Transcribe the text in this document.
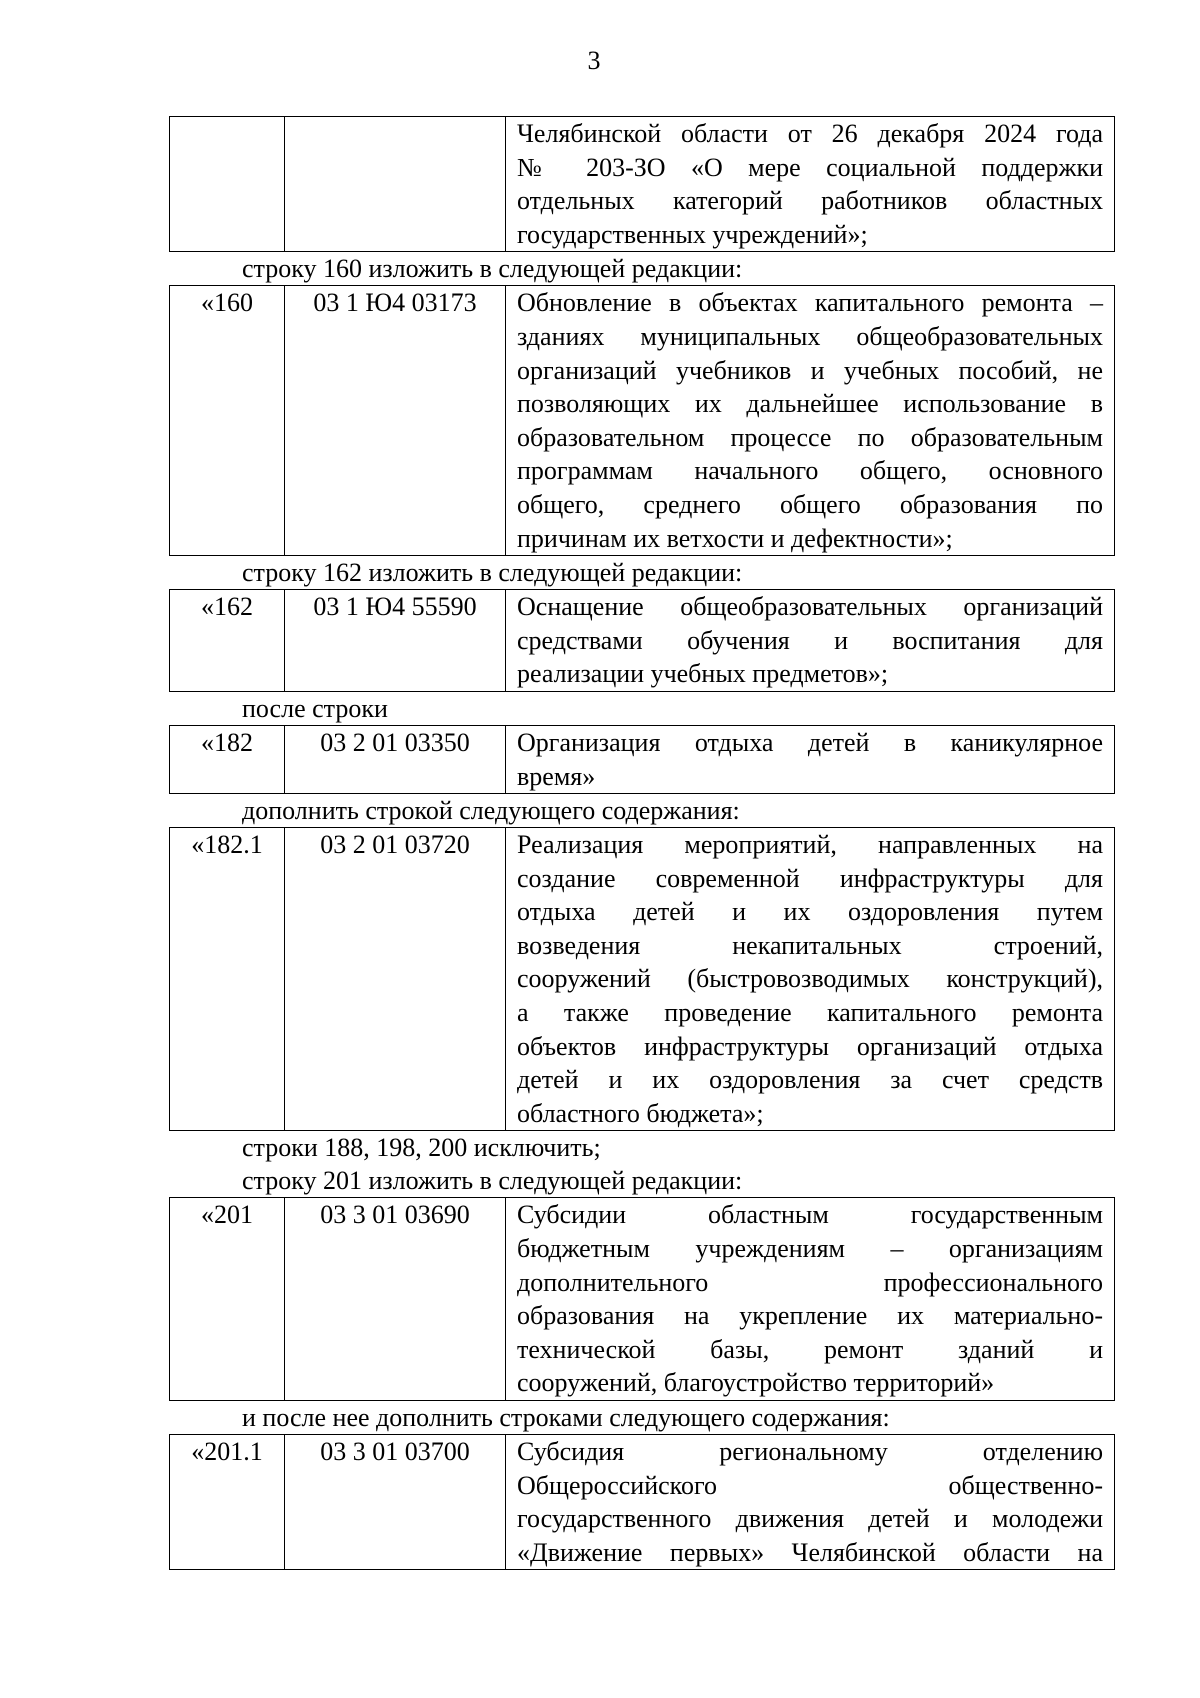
3

Челябинской области от 26 декабря 2024 года
№ 203-ЗО «О мере социальной поддержки
отдельных категорий работников областных
государственных учреждений»;

строку 160 изложить в следующей редакции:

«160	03 1 Ю4 03173	Обновление в объектах капитального ремонта –
зданиях муниципальных общеобразовательных
организаций учебников и учебных пособий, не
позволяющих их дальнейшее использование в
образовательном процессе по образовательным
программам начального общего, основного
общего, среднего общего образования по
причинам их ветхости и дефектности»;

строку 162 изложить в следующей редакции:

«162	03 1 Ю4 55590	Оснащение общеобразовательных организаций
средствами обучения и воспитания для
реализации учебных предметов»;

после строки

«182	03 2 01 03350	Организация отдыха детей в каникулярное
время»

дополнить строкой следующего содержания:

«182.1	03 2 01 03720	Реализация мероприятий, направленных на
создание современной инфраструктуры для
отдыха детей и их оздоровления путем
возведения некапитальных строений,
сооружений (быстровозводимых конструкций),
а также проведение капитального ремонта
объектов инфраструктуры организаций отдыха
детей и их оздоровления за счет средств
областного бюджета»;

строки 188, 198, 200 исключить;

строку 201 изложить в следующей редакции:

«201	03 3 01 03690	Субсидии областным государственным
бюджетным учреждениям – организациям
дополнительного профессионального
образования на укрепление их материально-
технической базы, ремонт зданий и
сооружений, благоустройство территорий»

и после нее дополнить строками следующего содержания:

«201.1	03 3 01 03700	Субсидия региональному отделению
Общероссийского общественно-
государственного движения детей и молодежи
«Движение первых» Челябинской области на
